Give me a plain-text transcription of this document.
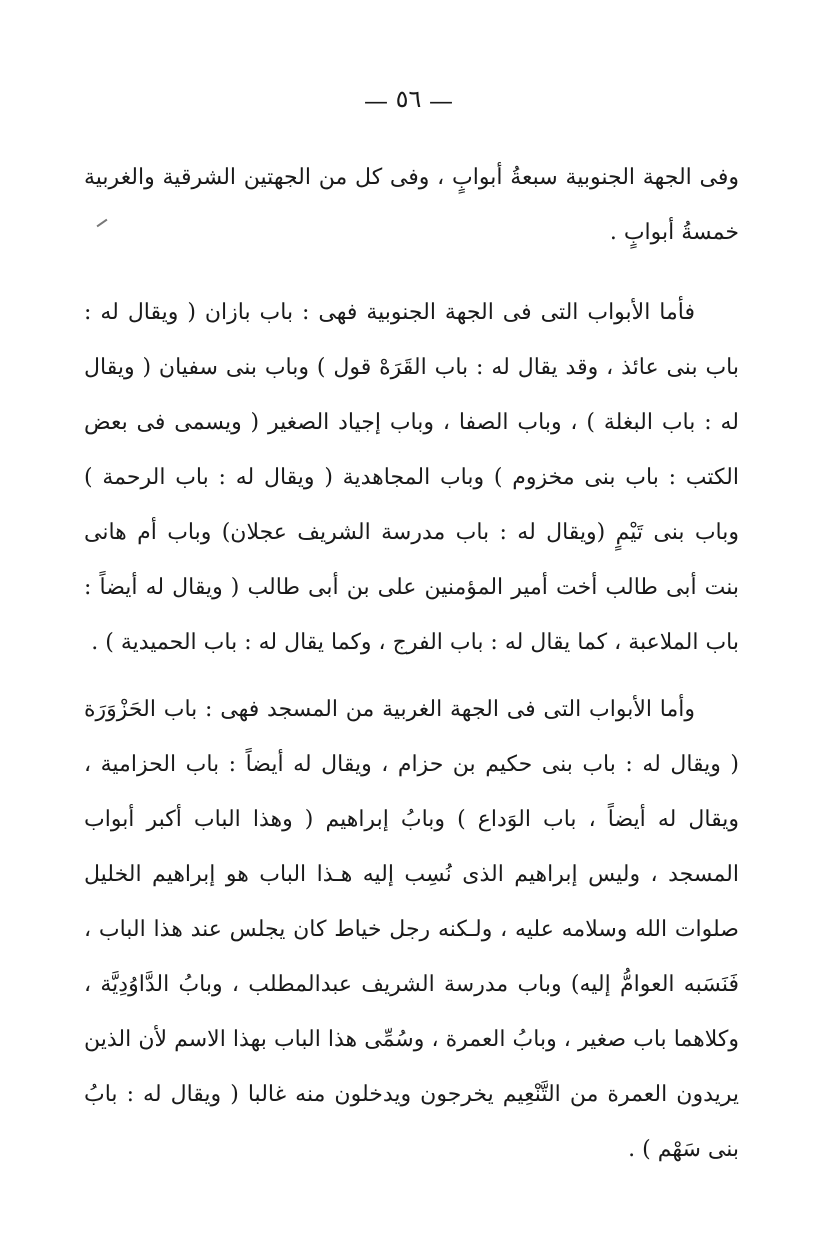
— ٥٦ —

وفى الجهة الجنوبية سبعةُ أبوابٍ ، وفى كل من الجهتين الشرقية والغربية
خمسةُ أبوابٍ .

فأما الأبواب التى فى الجهة الجنوبية فهى : باب بازان ( ويقال له :
باب بنى عائذ ، وقد يقال له : باب القَرَهْ قول ) وباب بنى سفيان ( ويقال
له : باب البغلة ) ، وباب الصفا ، وباب إجياد الصغير ( ويسمى فى بعض
الكتب : باب بنى مخزوم ) وباب المجاهدية ( ويقال له : باب الرحمة )
وباب بنى تَيْمٍ (ويقال له : باب مدرسة الشريف عجلان) وباب أم هانى
بنت أبى طالب أخت أمير المؤمنين على بن أبى طالب ( ويقال له أيضاً :
باب الملاعبة ، كما يقال له : باب الفرج ، وكما يقال له : باب الحميدية ) .

وأما الأبواب التى فى الجهة الغربية من المسجد فهى : باب الحَزْوَرَة
( ويقال له : باب بنى حكيم بن حزام ، ويقال له أيضاً : باب الحزامية ،
ويقال له أيضاً ، باب الوَداع ) وبابُ إبراهيم ( وهذا الباب أكبر أبواب
المسجد ، وليس إبراهيم الذى نُسِب إليه هـذا الباب هو إبراهيم الخليل
صلوات الله وسلامه عليه ، ولـكنه رجل خياط كان يجلس عند هذا الباب ،
فَنَسَبه العوامُّ إليه) وباب مدرسة الشريف عبدالمطلب ، وبابُ الدَّاوُدِيَّة ،
وكلاهما باب صغير ، وبابُ العمرة ، وسُمِّى هذا الباب بهذا الاسم لأن الذين
يريدون العمرة من التَّنْعِيم يخرجون ويدخلون منه غالبا ( ويقال له : بابُ
بنى سَهْم ) .
